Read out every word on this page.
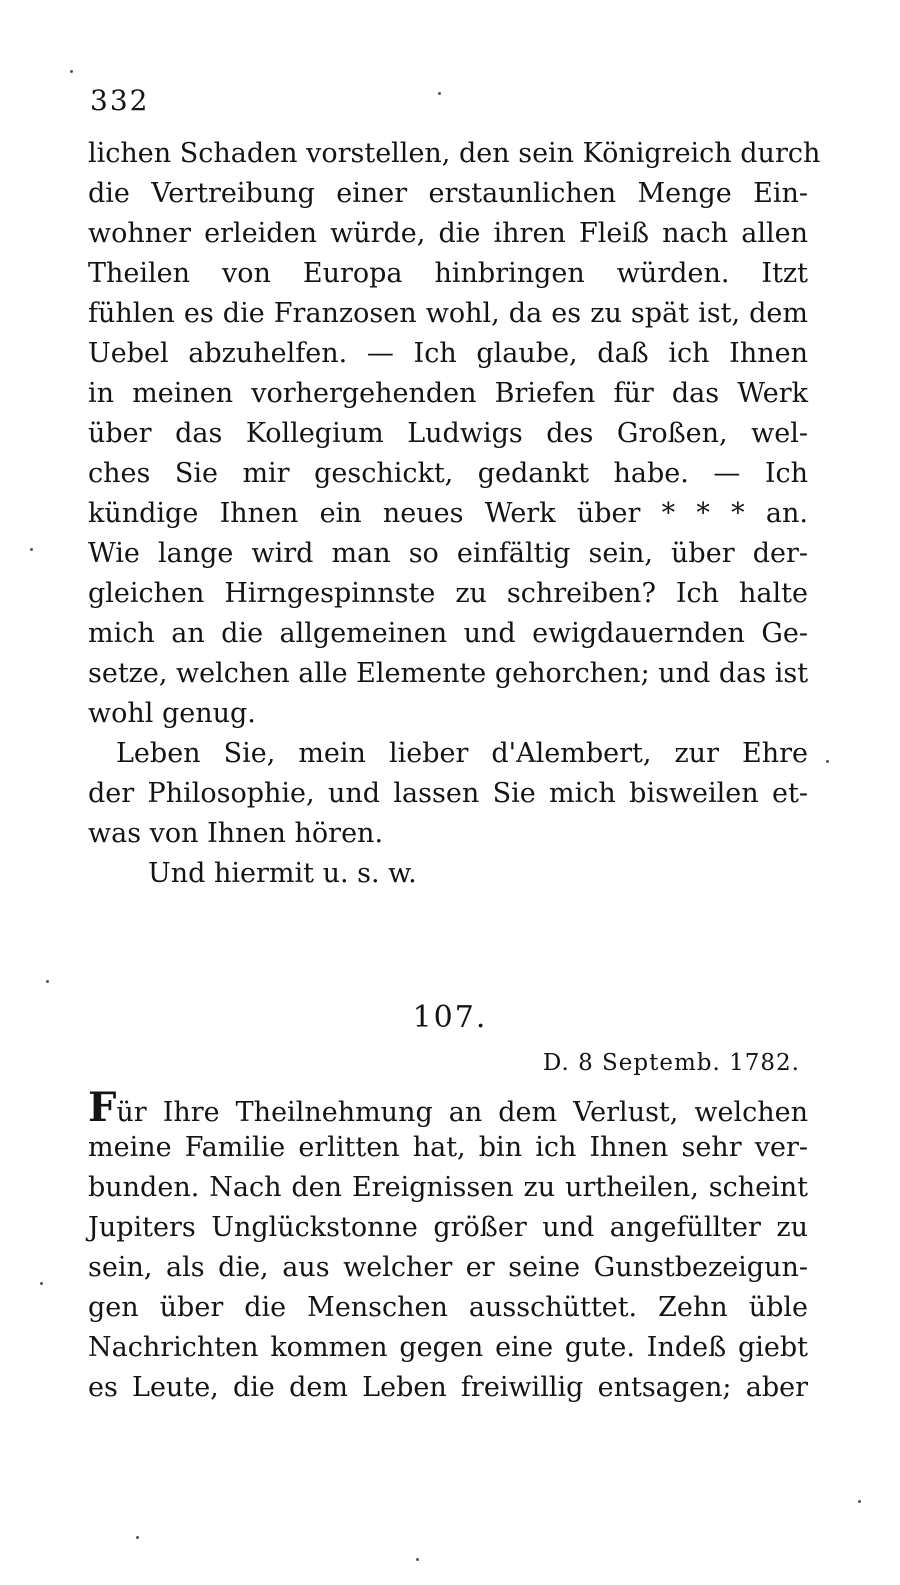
332
lichen Schaden vorstellen, den sein Königreich durch
die Vertreibung einer erstaunlichen Menge Ein-
wohner erleiden würde, die ihren Fleiß nach allen
Theilen von Europa hinbringen würden. Itzt
fühlen es die Franzosen wohl, da es zu spät ist, dem
Uebel abzuhelfen. — Ich glaube, daß ich Ihnen
in meinen vorhergehenden Briefen für das Werk
über das Kollegium Ludwigs des Großen, wel-
ches Sie mir geschickt, gedankt habe. — Ich
kündige Ihnen ein neues Werk über * * * an.
Wie lange wird man so einfältig sein, über der-
gleichen Hirngespinnste zu schreiben? Ich halte
mich an die allgemeinen und ewigdauernden Ge-
setze, welchen alle Elemente gehorchen; und das ist
wohl genug.
Leben Sie, mein lieber d'Alembert, zur Ehre
der Philosophie, und lassen Sie mich bisweilen et-
was von Ihnen hören.
Und hiermit u. s. w.
107.
D. 8 Septemb. 1782.
Für Ihre Theilnehmung an dem Verlust, welchen
meine Familie erlitten hat, bin ich Ihnen sehr ver-
bunden. Nach den Ereignissen zu urtheilen, scheint
Jupiters Unglückstonne größer und angefüllter zu
sein, als die, aus welcher er seine Gunstbezeigun-
gen über die Menschen ausschüttet. Zehn üble
Nachrichten kommen gegen eine gute. Indeß giebt
es Leute, die dem Leben freiwillig entsagen; aber
